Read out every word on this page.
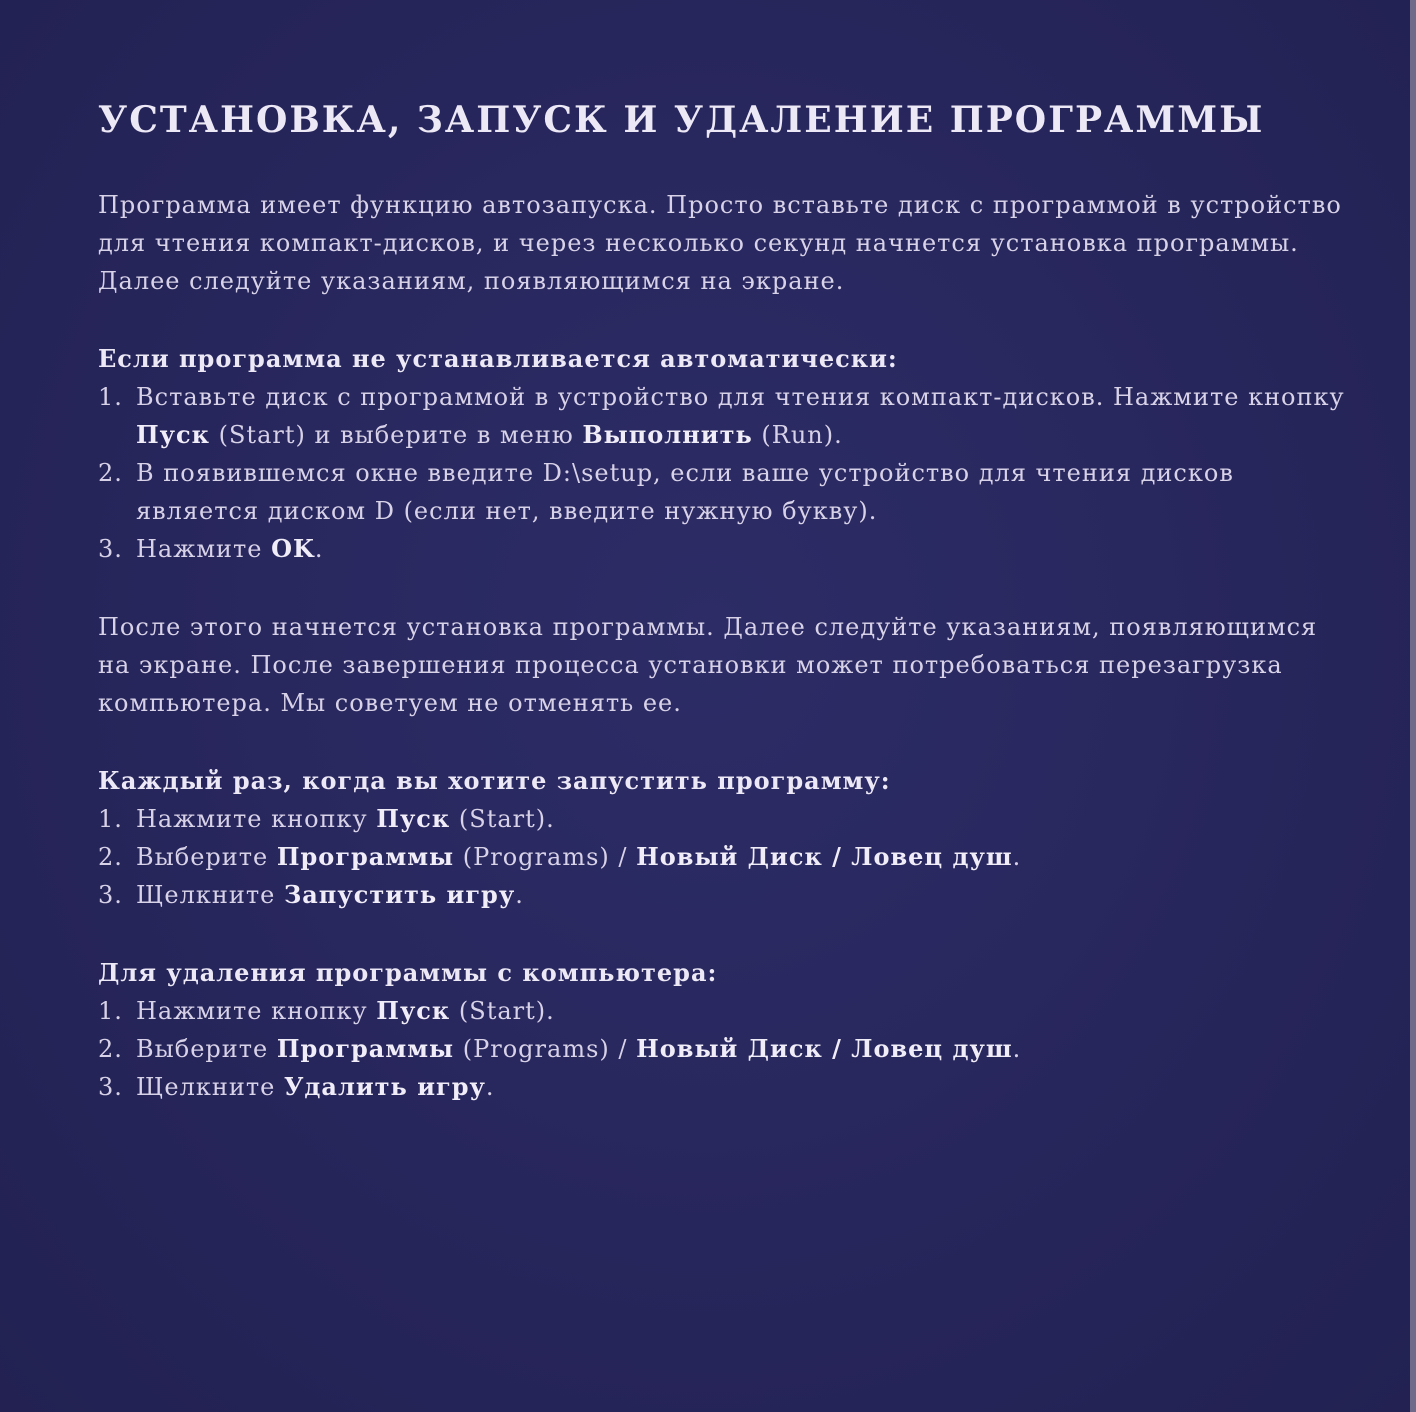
УСТАНОВКА, ЗАПУСК И УДАЛЕНИЕ ПРОГРАММЫ

Программа имеет функцию автозапуска. Просто вставьте диск с программой в устройство для чтения компакт-дисков, и через несколько секунд начнется установка программы. Далее следуйте указаниям, появляющимся на экране.

Если программа не устанавливается автоматически:

1. Вставьте диск с программой в устройство для чтения компакт-дисков. Нажмите кнопку Пуск (Start) и выберите в меню Выполнить (Run).
2. В появившемся окне введите D:\setup, если ваше устройство для чтения дисков является диском D (если нет, введите нужную букву).
3. Нажмите OK.

После этого начнется установка программы. Далее следуйте указаниям, появляющимся на экране. После завершения процесса установки может потребоваться перезагрузка компьютера. Мы советуем не отменять ее.

Каждый раз, когда вы хотите запустить программу:

1. Нажмите кнопку Пуск (Start).
2. Выберите Программы (Programs) / Новый Диск / Ловец душ.
3. Щелкните Запустить игру.

Для удаления программы с компьютера:

1. Нажмите кнопку Пуск (Start).
2. Выберите Программы (Programs) / Новый Диск / Ловец душ.
3. Щелкните Удалить игру.
